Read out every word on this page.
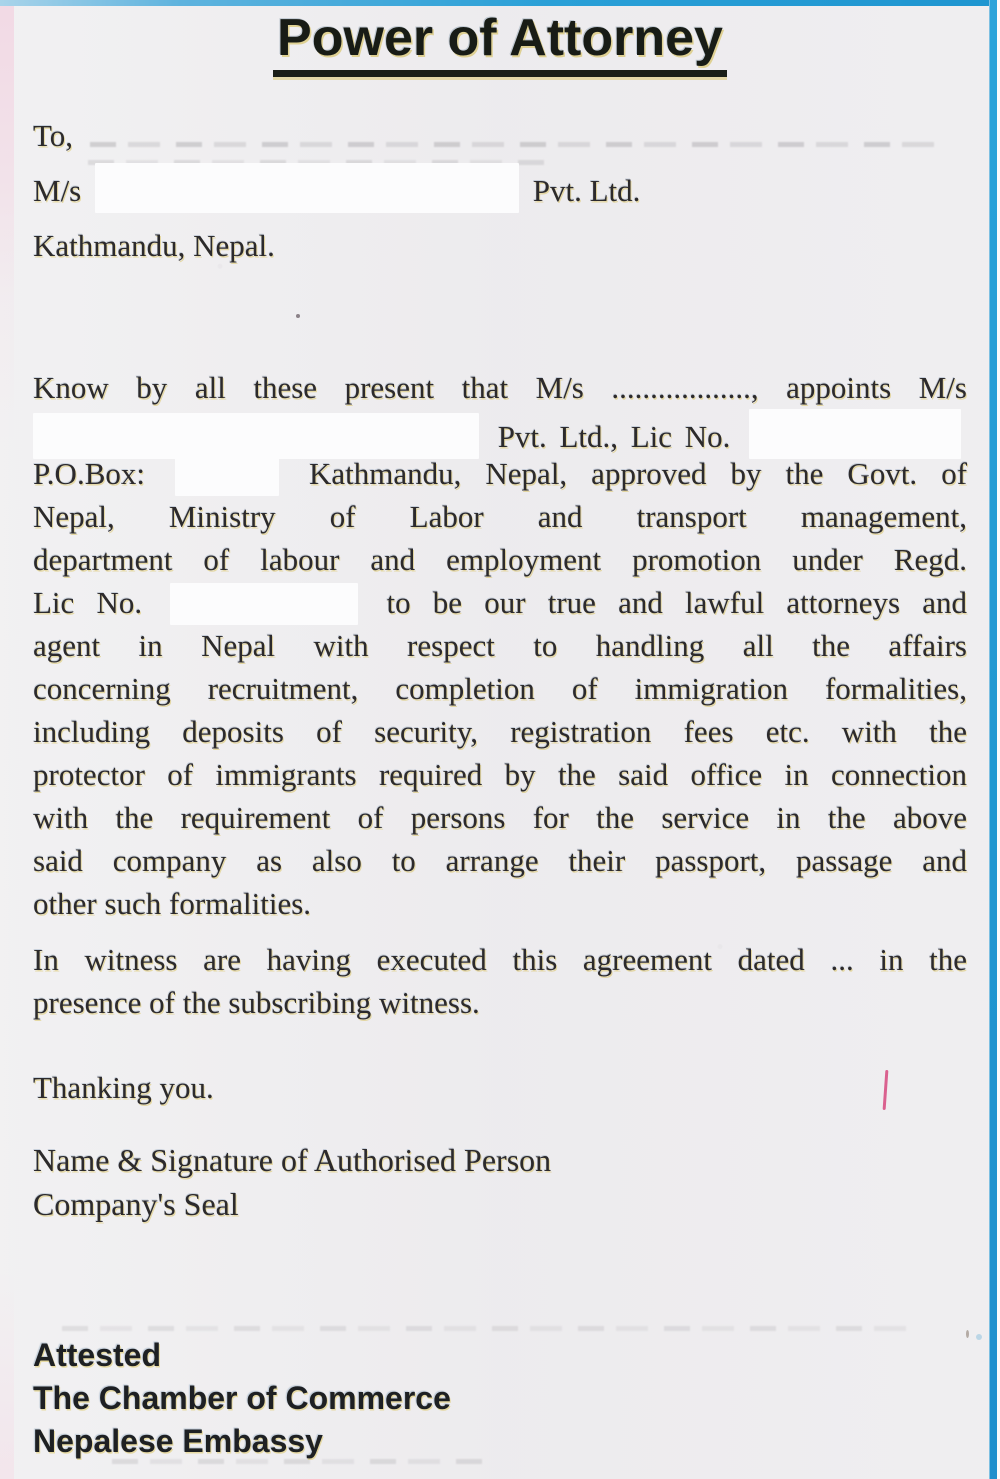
Power of Attorney
To,
M/s	Pvt. Ltd.
Kathmandu, Nepal.
Know by all these present that M/s .................., appoints M/s
Pvt. Ltd., Lic No.
P.O.Box:	Kathmandu, Nepal, approved by the Govt. of
Nepal, Ministry of Labor and transport management,
department of labour and employment promotion under Regd.
Lic No.	to be our true and lawful attorneys and
agent in Nepal with respect to handling all the affairs
concerning recruitment, completion of immigration formalities,
including deposits of security, registration fees etc. with the
protector of immigrants required by the said office in connection
with the requirement of persons for the service in the above
said company as also to arrange their passport, passage and
other such formalities.
In witness are having executed this agreement dated ... in the
presence of the subscribing witness.
Thanking you.
Name & Signature of Authorised Person
Company's Seal
Attested
The Chamber of Commerce
Nepalese Embassy
